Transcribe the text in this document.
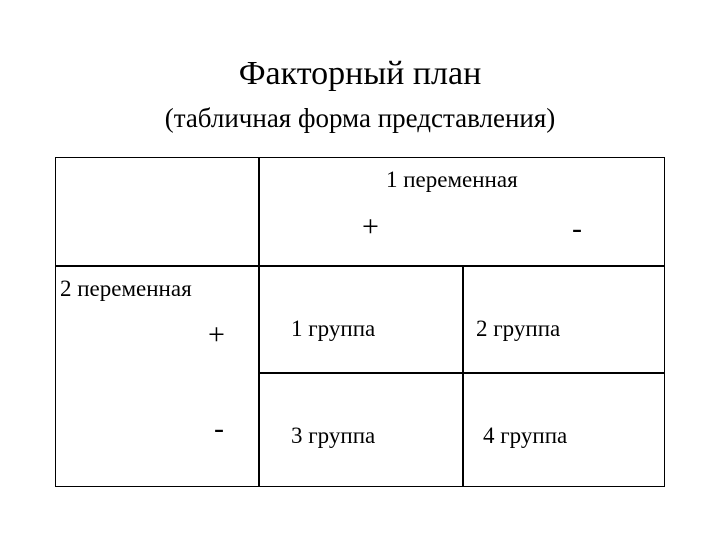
Факторный план
(табличная форма представления)
1 переменная
+	-
2 переменная
+
-
1 группа	2 группа
3 группа	4 группа
